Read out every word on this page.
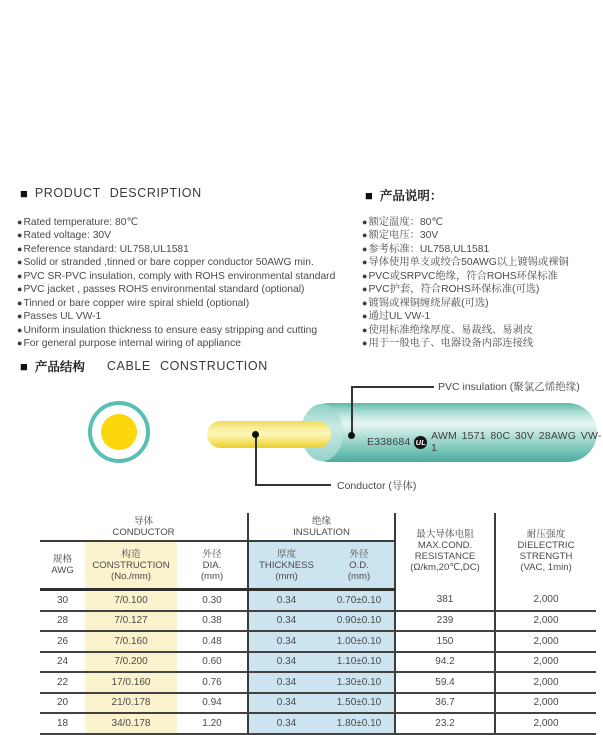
■ PRODUCT DESCRIPTION	■ 产品说明：
●Rated temperature: 80℃
●Rated voltage: 30V
●Reference standard: UL758,UL1581
●Solid or stranded ,tinned or bare copper conductor 50AWG min.
●PVC SR-PVC insulation, comply with ROHS environmental standard
●PVC jacket , passes ROHS environmental standard (optional)
●Tinned or bare copper wire spiral shield (optional)
●Passes UL VW-1
●Uniform insulation thickness to ensure easy stripping and cutting
●For general purpose internal wiring of appliance
●额定温度：80℃
●额定电压：30V
●参考标准：UL758,UL1581
●导体使用单支或绞合50AWG以上镀锡或裸铜
●PVC或SRPVC绝缘，符合ROHS环保标准
●PVC护套，符合ROHS环保标准(可选)
●镀锡或裸铜缠绕屏蔽(可选)
●通过UL VW-1
●使用标准绝缘厚度、易裁线、易剥皮
●用于一般电子、电器设备内部连接线
■ 产品结构 CABLE CONSTRUCTION
E338684 UL AWM 1571 80C 30V 28AWG VW-1
PVC insulation (聚氯乙烯绝缘)
Conductor (导体)
导体
CONDUCTOR			绝缘
INSULATION		最大导体电阻
MAX.COND.
RESISTANCE
(Ω/km,20℃,DC)	耐压强度
DIELECTRIC
STRENGTH
(VAC, 1min)

规格
AWG	构造
CONSTRUCTION
(No./mm)	外径
DIA.
(mm)	厚度
THICKNESS
(mm)	外径
O.D.
(mm)		

30	7/0.100	0.30	0.34	0.70±0.10	381	2,000
28	7/0.127	0.38	0.34	0.90±0.10	239	2,000
26	7/0.160	0.48	0.34	1.00±0.10	150	2,000
24	7/0.200	0.60	0.34	1.10±0.10	94.2	2,000
22	17/0.160	0.76	0.34	1.30±0.10	59.4	2,000
20	21/0.178	0.94	0.34	1.50±0.10	36.7	2,000
18	34/0.178	1.20	0.34	1.80±0.10	23.2	2,000
